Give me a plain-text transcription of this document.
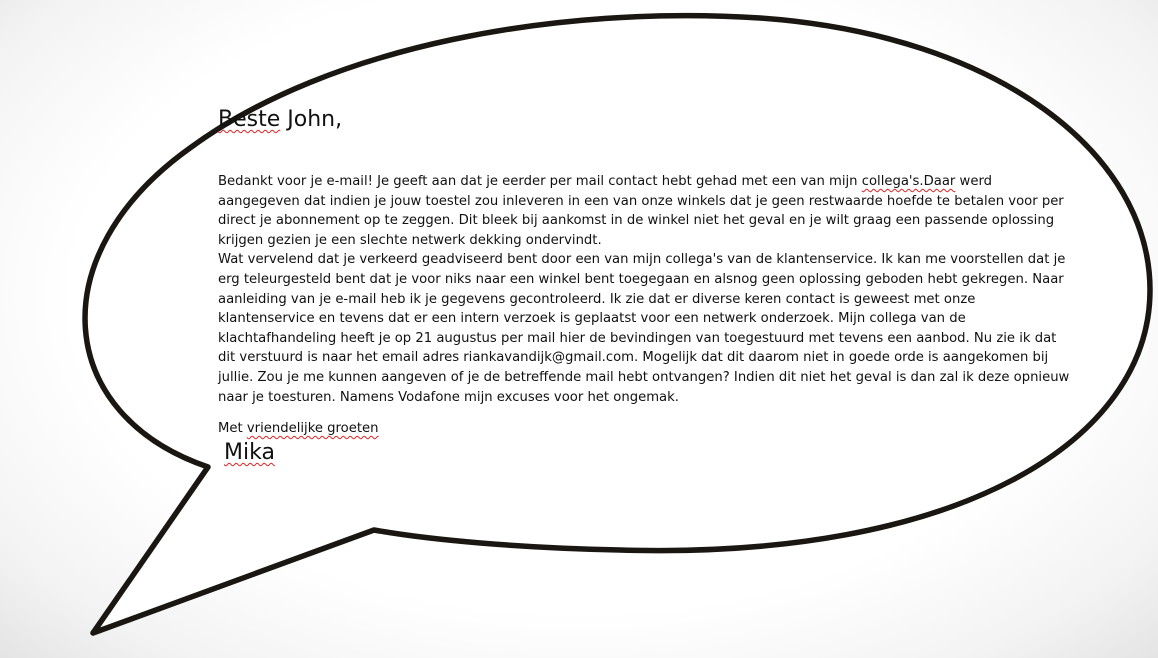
Beste John,
Bedankt voor je e-mail! Je geeft aan dat je eerder per mail contact hebt gehad met een van mijn collega's.Daar werd
aangegeven dat indien je jouw toestel zou inleveren in een van onze winkels dat je geen restwaarde hoefde te betalen voor per
direct je abonnement op te zeggen. Dit bleek bij aankomst in de winkel niet het geval en je wilt graag een passende oplossing
krijgen gezien je een slechte netwerk dekking ondervindt.
Wat vervelend dat je verkeerd geadviseerd bent door een van mijn collega's van de klantenservice. Ik kan me voorstellen dat je
erg teleurgesteld bent dat je voor niks naar een winkel bent toegegaan en alsnog geen oplossing geboden hebt gekregen. Naar
aanleiding van je e-mail heb ik je gegevens gecontroleerd. Ik zie dat er diverse keren contact is geweest met onze
klantenservice en tevens dat er een intern verzoek is geplaatst voor een netwerk onderzoek. Mijn collega van de
klachtafhandeling heeft je op 21 augustus per mail hier de bevindingen van toegestuurd met tevens een aanbod. Nu zie ik dat
dit verstuurd is naar het email adres riankavandijk@gmail.com. Mogelijk dat dit daarom niet in goede orde is aangekomen bij
jullie. Zou je me kunnen aangeven of je de betreffende mail hebt ontvangen? Indien dit niet het geval is dan zal ik deze opnieuw
naar je toesturen. Namens Vodafone mijn excuses voor het ongemak.
Met vriendelijke groeten
Mika
